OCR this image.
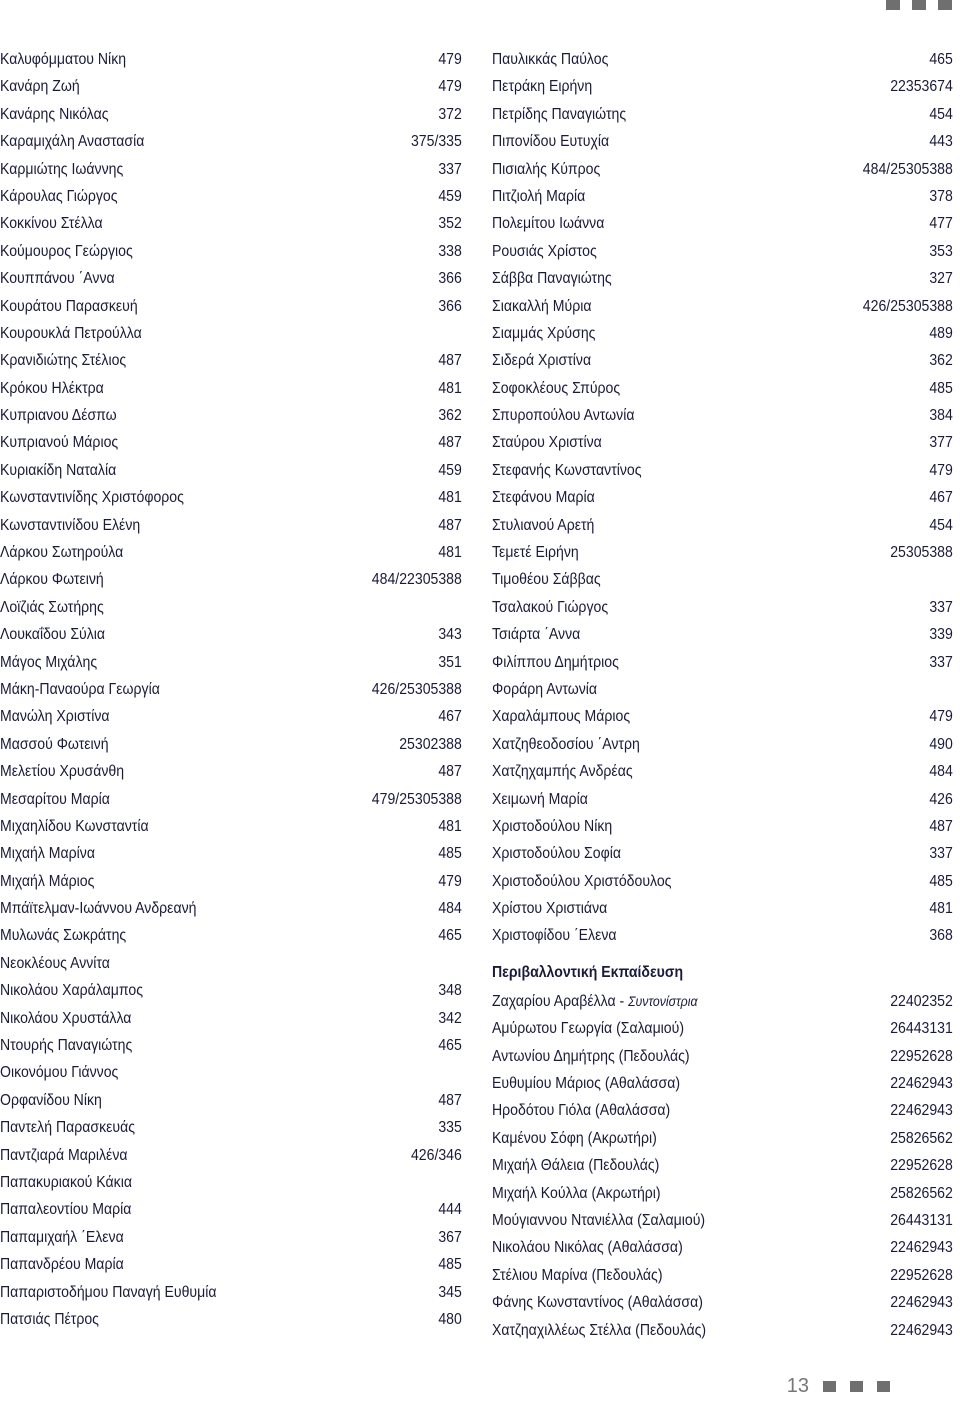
Καλυφόμματου Νίκη	479
Κανάρη Ζωή	479
Κανάρης Νικόλας	372
Καραμιχάλη Αναστασία	375/335
Καρμιώτης Ιωάννης	337
Κάρουλας Γιώργος	459
Κοκκίνου Στέλλα	352
Κούμουρος Γεώργιος	338
Κουππάνου ΄Αννα	366
Κουράτου Παρασκευή	366
Κουρουκλά Πετρούλλα
Κρανιδιώτης Στέλιος	487
Κρόκου Ηλέκτρα	481
Κυπριανου Δέσπω	362
Κυπριανού Μάριος	487
Κυριακίδη Ναταλία	459
Κωνσταντινίδης Χριστόφορος	481
Κωνσταντινίδου Ελένη	487
Λάρκου Σωτηρούλα	481
Λάρκου Φωτεινή	484/22305388
Λοϊζιάς Σωτήρης
Λουκαΐδου Σύλια	343
Μάγος Μιχάλης	351
Μάκη-Παναούρα Γεωργία	426/25305388
Μανώλη Χριστίνα	467
Μασσού Φωτεινή	25302388
Μελετίου Χρυσάνθη	487
Μεσαρίτου Μαρία	479/25305388
Μιχαηλίδου Κωνσταντία	481
Μιχαήλ Μαρίνα	485
Μιχαήλ Μάριος	479
Μπάϊτελμαν-Ιωάννου Ανδρεανή	484
Μυλωνάς Σωκράτης	465
Νεοκλέους Αννίτα
Νικολάου Χαράλαμπος	348
Νικολάου Χρυστάλλα	342
Ντουρής Παναγιώτης	465
Οικονόμου Γιάννος
Ορφανίδου Νίκη	487
Παντελή Παρασκευάς	335
Παντζιαρά Μαριλένα	426/346
Παπακυριακού Κάκια
Παπαλεοντίου Μαρία	444
Παπαμιχαήλ ΄Ελενα	367
Παπανδρέου Μαρία	485
Παπαριστοδήμου Παναγή Ευθυμία	345
Πατσιάς Πέτρος	480
Παυλικκάς Παύλος	465
Πετράκη Ειρήνη	22353674
Πετρίδης Παναγιώτης	454
Πιπονίδου Ευτυχία	443
Πισιαλής Κύπρος	484/25305388
Πιτζιολή Μαρία	378
Πολεμίτου Ιωάννα	477
Ρουσιάς Χρίστος	353
Σάββα Παναγιώτης	327
Σιακαλλή Μύρια	426/25305388
Σιαμμάς Χρύσης	489
Σιδερά Χριστίνα	362
Σοφοκλέους Σπύρος	485
Σπυροπούλου Αντωνία	384
Σταύρου Χριστίνα	377
Στεφανής Κωνσταντίνος	479
Στεφάνου Μαρία	467
Στυλιανού Αρετή	454
Τεμετέ Ειρήνη	25305388
Τιμοθέου Σάββας
Τσαλακού Γιώργος	337
Τσιάρτα ΄Αννα	339
Φιλίππου Δημήτριος	337
Φοράρη Αντωνία
Χαραλάμπους Μάριος	479
Χατζηθεοδοσίου ΄Αντρη	490
Χατζηχαμπής Ανδρέας	484
Χειμωνή Μαρία	426
Χριστοδούλου Νίκη	487
Χριστοδούλου Σοφία	337
Χριστοδούλου Χριστόδουλος	485
Χρίστου Χριστιάνα	481
Χριστοφίδου ΄Ελενα	368
Περιβαλλοντική Εκπαίδευση
Ζαχαρίου Αραβέλλα - Συντονίστρια	22402352
Αμύρωτου Γεωργία (Σαλαμιού)	26443131
Αντωνίου Δημήτρης (Πεδουλάς)	22952628
Ευθυμίου Μάριος (Αθαλάσσα)	22462943
Ηροδότου Γιόλα (Αθαλάσσα)	22462943
Καμένου Σόφη (Ακρωτήρι)	25826562
Μιχαήλ Θάλεια (Πεδουλάς)	22952628
Μιχαήλ Κούλλα (Ακρωτήρι)	25826562
Μούγιαννου Ντανιέλλα (Σαλαμιού)	26443131
Νικολάου Νικόλας (Αθαλάσσα)	22462943
Στέλιου Μαρίνα (Πεδουλάς)	22952628
Φάνης Κωνσταντίνος (Αθαλάσσα)	22462943
Χατζηαχιλλέως Στέλλα (Πεδουλάς)	22462943
13
